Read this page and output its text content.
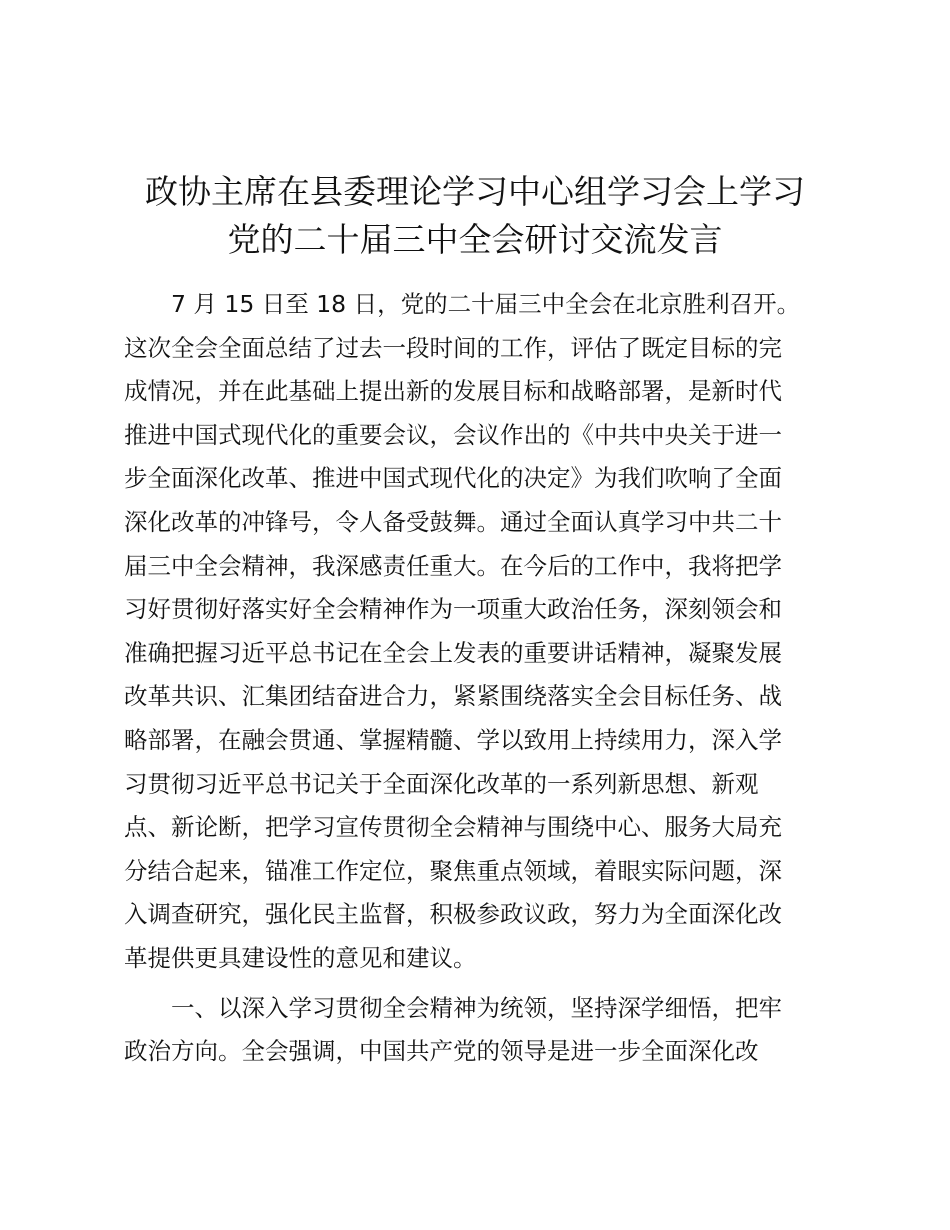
政协主席在县委理论学习中心组学习会上学习
党的二十届三中全会研讨交流发言

7 月 15 日至 18 日，党的二十届三中全会在北京胜利召开。
这次全会全面总结了过去一段时间的工作，评估了既定目标的完
成情况，并在此基础上提出新的发展目标和战略部署，是新时代
推进中国式现代化的重要会议，会议作出的《中共中央关于进一
步全面深化改革、推进中国式现代化的决定》为我们吹响了全面
深化改革的冲锋号，令人备受鼓舞。通过全面认真学习中共二十
届三中全会精神，我深感责任重大。在今后的工作中，我将把学
习好贯彻好落实好全会精神作为一项重大政治任务，深刻领会和
准确把握习近平总书记在全会上发表的重要讲话精神，凝聚发展
改革共识、汇集团结奋进合力，紧紧围绕落实全会目标任务、战
略部署，在融会贯通、掌握精髓、学以致用上持续用力，深入学
习贯彻习近平总书记关于全面深化改革的一系列新思想、新观
点、新论断，把学习宣传贯彻全会精神与围绕中心、服务大局充
分结合起来，锚准工作定位，聚焦重点领域，着眼实际问题，深
入调查研究，强化民主监督，积极参政议政，努力为全面深化改
革提供更具建设性的意见和建议。

一、以深入学习贯彻全会精神为统领，坚持深学细悟，把牢
政治方向。全会强调，中国共产党的领导是进一步全面深化改
